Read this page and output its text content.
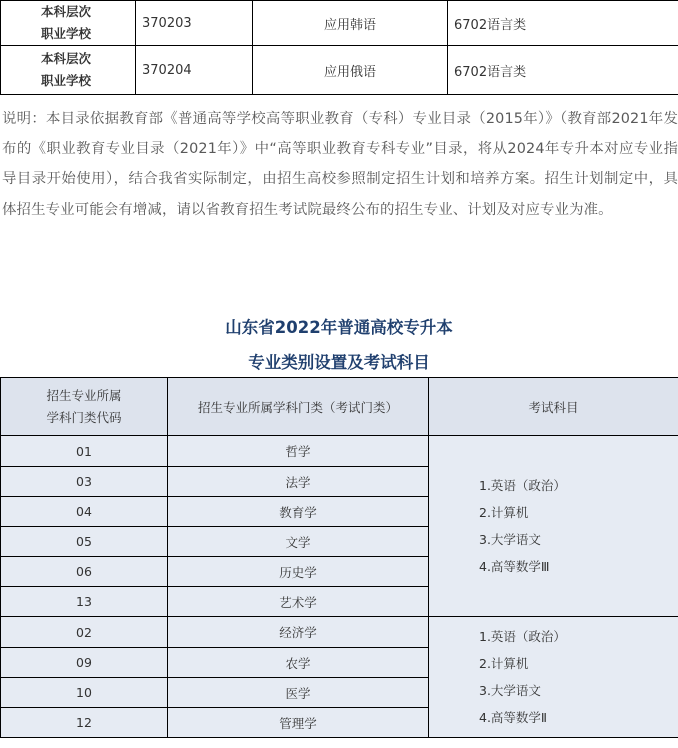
本科层次
职业学校	370203	应用韩语	6702语言类
本科层次
职业学校	370204	应用俄语	6702语言类
说明：本目录依据教育部《普通高等学校高等职业教育（专科）专业目录（2015年）》（教育部2021年发布的《职业教育专业目录（2021年）》中“高等职业教育专科专业”目录，将从2024年专升本对应专业指导目录开始使用），结合我省实际制定，由招生高校参照制定招生计划和培养方案。招生计划制定中，具体招生专业可能会有增减，请以省教育招生考试院最终公布的招生专业、计划及对应专业为准。
山东省2022年普通高校专升本
专业类别设置及考试科目
招生专业所属
学科门类代码	招生专业所属学科门类（考试门类）	考试科目
01	哲学	1.英语（政治）
2.计算机
3.大学语文
4.高等数学Ⅲ

03	法学	
04	教育学	
05	文学	
06	历史学	
13	艺术学	
02	经济学	1.英语（政治）
2.计算机
3.大学语文
4.高等数学Ⅱ

09	农学	
10	医学	
12	管理学	
